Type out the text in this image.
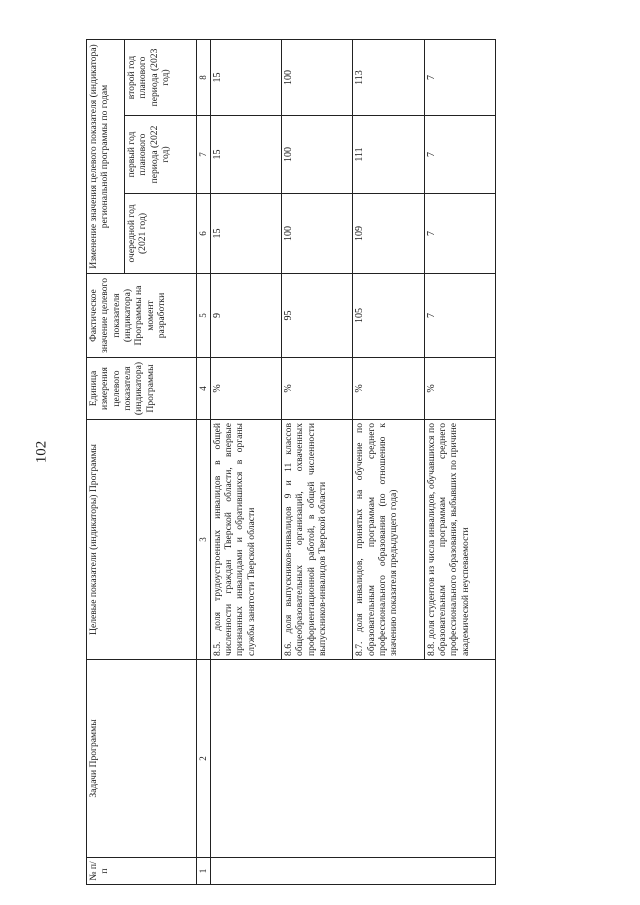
102
№ п/п	Задачи Программы	Целевые показатели (индикаторы) Программы	Единица измерения целевого показателя (индикатора) Программы	Фактическое значение целевого показателя (индикатора) Программы на момент разработки	Изменение значения целевого показателя (индикатора) региональной программы по годам		
					очередной год (2021 год)	первый год планового периода (2022 год)	второй год планового периода (2023 год)
1	2	3	4	5	6	7	8
		8.5. доля трудоустроенных инвалидов в общей численности граждан Тверской области, впервые признанных инвалидами и обратившихся в органы службы занятости Тверской области	%	9	15	15	15
		8.6. доля выпускников-инвалидов 9 и 11 классов общеобразовательных организаций, охваченных профориентационной работой, в общей численности выпускников-инвалидов Тверской области	%	95	100	100	100
		8.7. доля инвалидов, принятых на обучение по образовательным программам среднего профессионального образования (по отношению к значению показателя предыдущего года)	%	105	109	111	113
		8.8. доля студентов из числа инвалидов, обучавшихся по образовательным программам среднего профессионального образования, выбывших по причине академической неуспеваемости	%	7	7	7	7
